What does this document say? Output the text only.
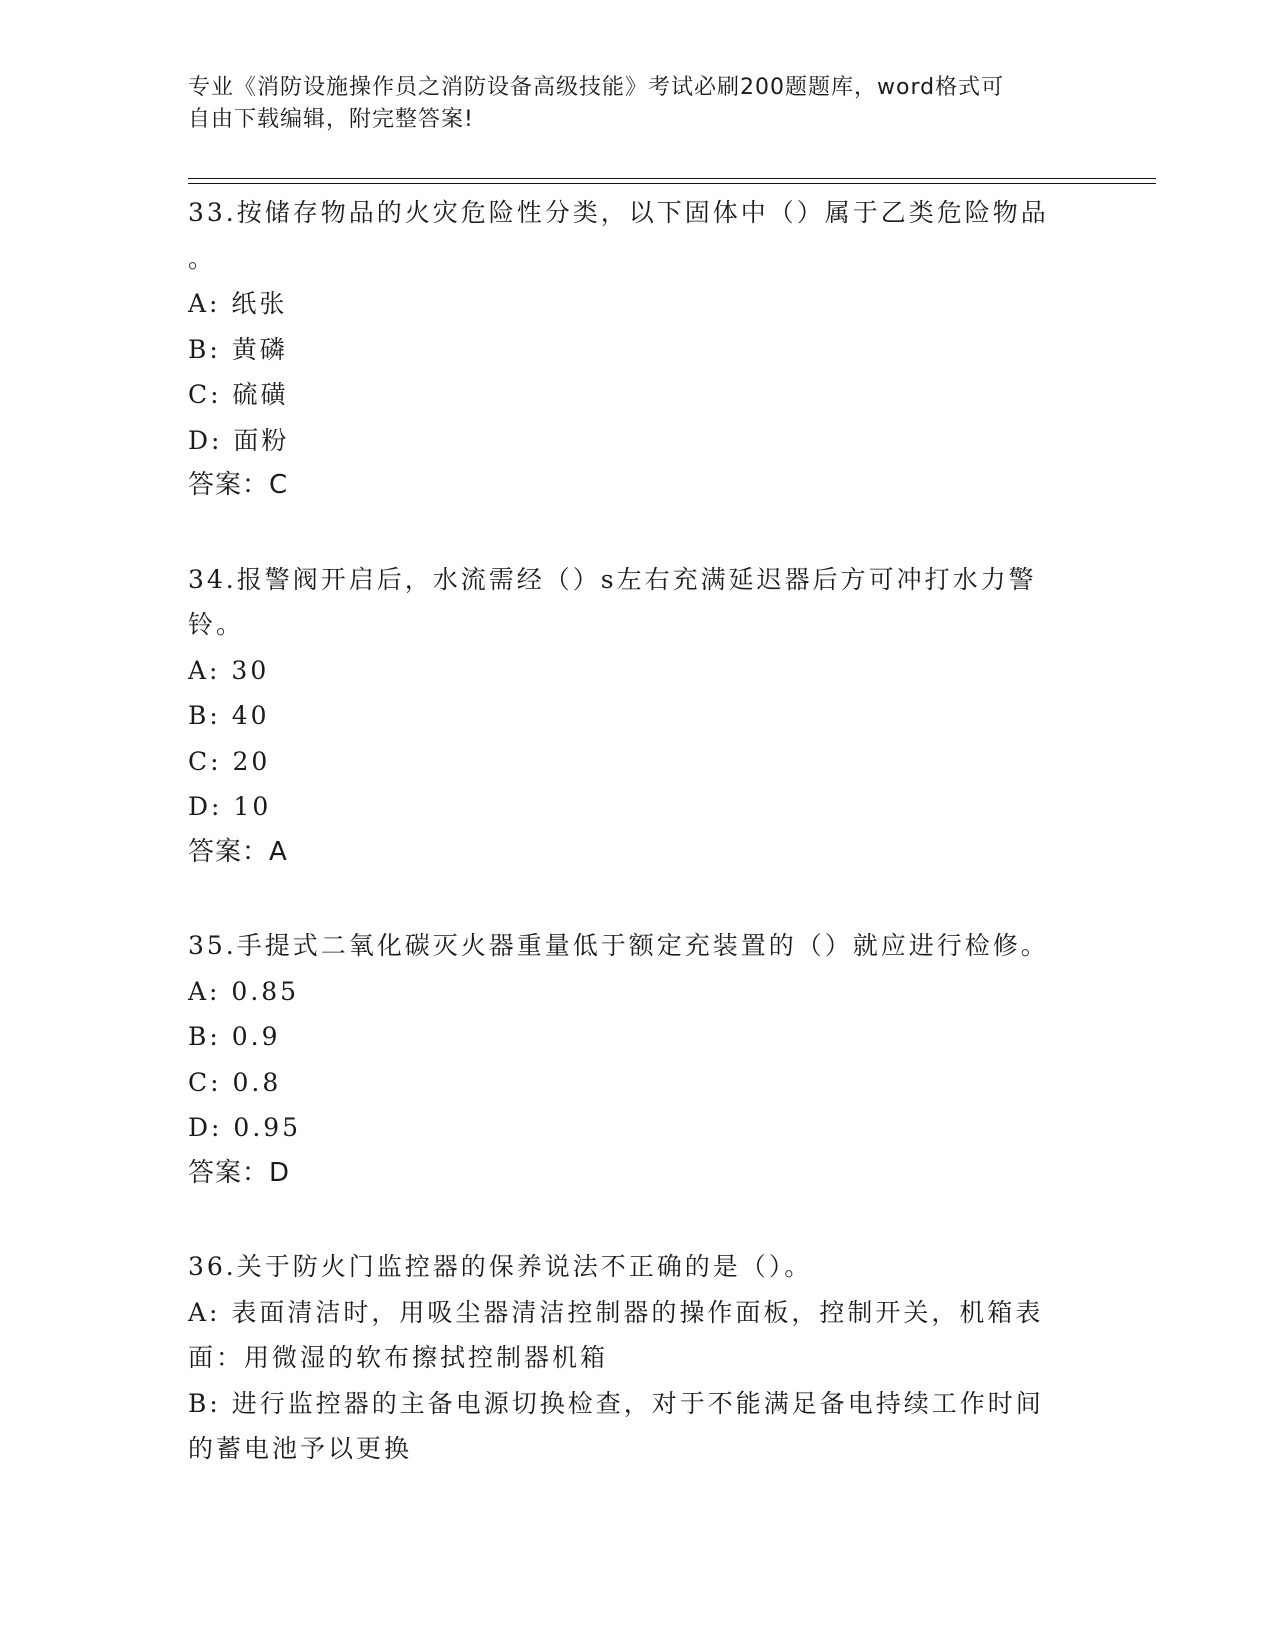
专业《消防设施操作员之消防设备高级技能》考试必刷200题题库，word格式可
自由下载编辑，附完整答案!
33.按储存物品的火灾危险性分类，以下固体中（）属于乙类危险物品
。
A: 纸张
B: 黄磷
C: 硫磺
D: 面粉
答案：C
34.报警阀开启后，水流需经（）s左右充满延迟器后方可冲打水力警
铃。
A: 30
B: 40
C: 20
D: 10
答案：A
35.手提式二氧化碳灭火器重量低于额定充装置的（）就应进行检修。
A: 0.85
B: 0.9
C: 0.8
D: 0.95
答案：D
36.关于防火门监控器的保养说法不正确的是（）。
A: 表面清洁时，用吸尘器清洁控制器的操作面板，控制开关，机箱表
面：用微湿的软布擦拭控制器机箱
B: 进行监控器的主备电源切换检查，对于不能满足备电持续工作时间
的蓄电池予以更换
